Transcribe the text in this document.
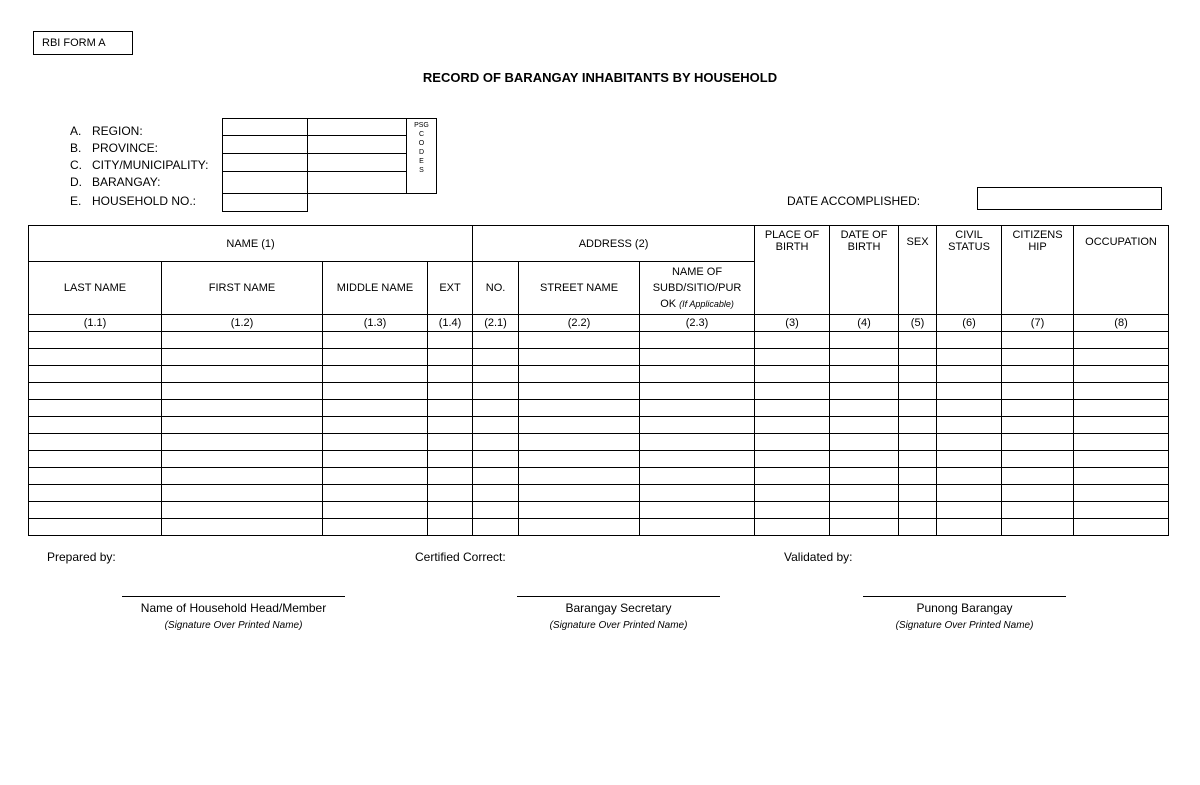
RBI FORM A
RECORD OF BARANGAY INHABITANTS BY HOUSEHOLD
A. REGION:
B. PROVINCE:
C. CITY/MUNICIPALITY:
D. BARANGAY:
E. HOUSEHOLD NO.:
PSG
C
O
D
E
S
DATE ACCOMPLISHED:
NAME (1)				ADDRESS (2)			PLACE OF BIRTH	DATE OF BIRTH	SEX	CIVIL STATUS	CITIZENS HIP	OCCUPATION
LAST NAME	FIRST NAME	MIDDLE NAME	EXT	NO.	STREET NAME	NAME OF SUBD/SITIO/PUR OK (If Applicable)						
(1.1)	(1.2)	(1.3)	(1.4)	(2.1)	(2.2)	(2.3)	(3)	(4)	(5)	(6)	(7)	(8)

Prepared by:	Certified Correct:	Validated by:
Name of Household Head/Member	Barangay Secretary	Punong Barangay
(Signature Over Printed Name)	(Signature Over Printed Name)	(Signature Over Printed Name)
